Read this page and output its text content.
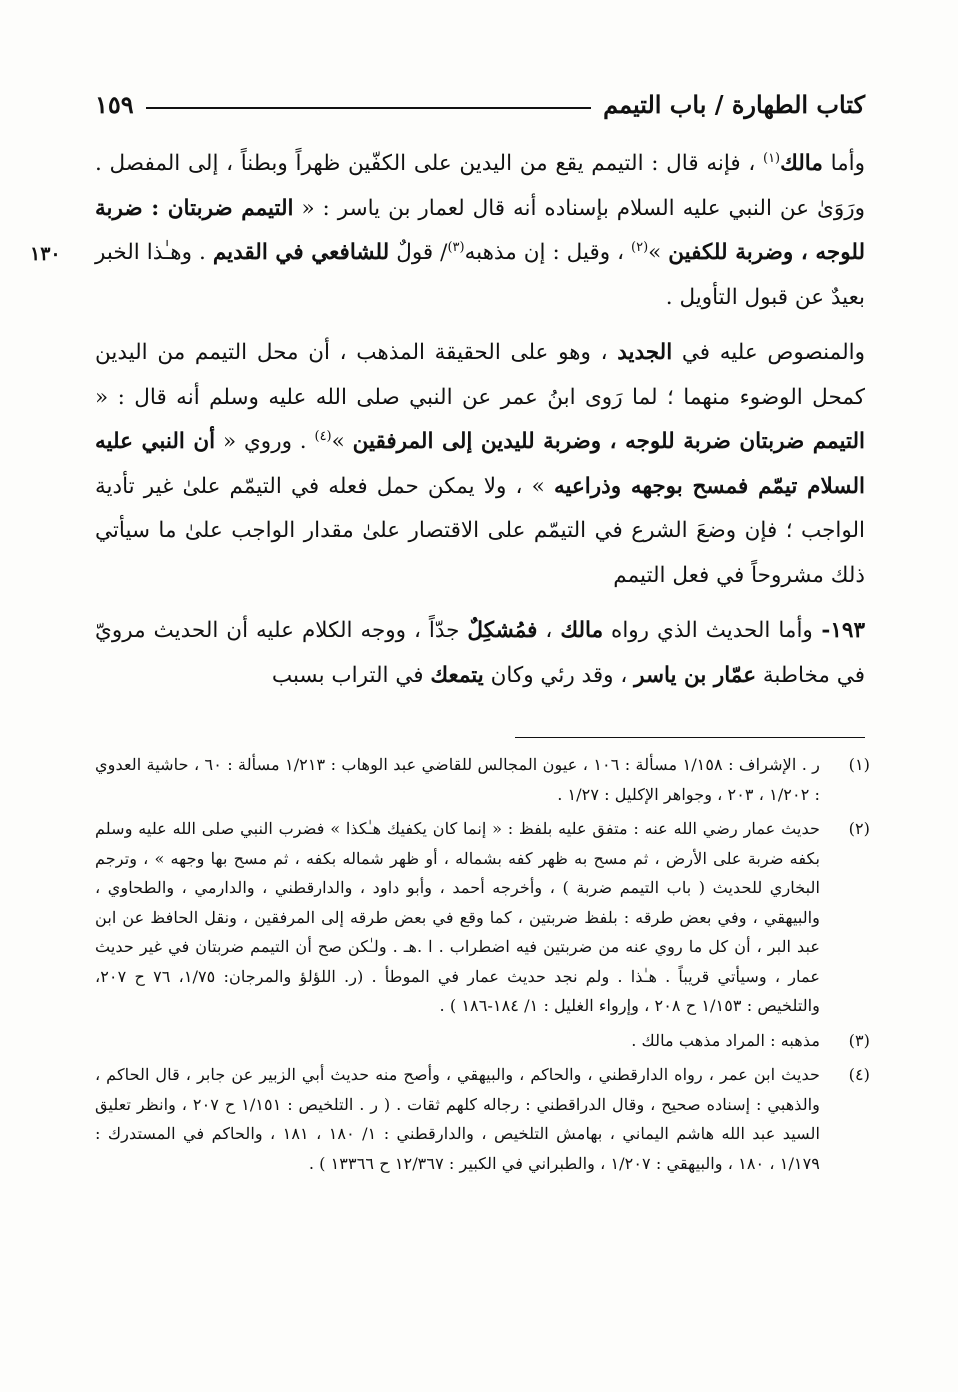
كتاب الطهارة / باب التيمم
١٥٩
١٣٠

وأما مالك$^{(١)}$ ، فإنه قال : التيمم يقع من اليدين على الكفّين ظهراً وبطناً ، إلى المفصل . ورَوَىٰ عن النبي عليه السلام بإسناده أنه قال لعمار بن ياسر : « التيمم ضربتان : ضربة للوجه ، وضربة للكفين »$^{(٢)}$ ، وقيل : إن مذهبه$^{(٣)}$/ قولٌ للشافعي في القديم . وهـٰذا الخبر بعيدٌ عن قبول التأويل .

والمنصوص عليه في الجديد ، وهو على الحقيقة المذهب ، أن محل التيمم من اليدين كمحل الوضوء منهما ؛ لما رَوى ابنُ عمر عن النبي صلى الله عليه وسلم أنه قال : « التيمم ضربتان ضربة للوجه ، وضربة لليدين إلى المرفقين »$^{(٤)}$ . وروي « أن النبي عليه السلام تيمّم فمسح بوجهه وذراعيه » ، ولا يمكن حمل فعله في التيمّم علىٰ غير تأدية الواجب ؛ فإن وضعَ الشرع في التيمّم على الاقتصار علىٰ مقدار الواجب علىٰ ما سيأتي ذلك مشروحاً في فعل التيمم

١٩٣- وأما الحديث الذي رواه مالك ، فمُشكِلٌ جدّاً ، ووجه الكلام عليه أن الحديث مرويّ في مخاطبة عمّار بن ياسر ، وقد رئي وكان يتمعك في التراب بسبب

(١)
ر . الإشراف : ١/١٥٨ مسألة : ١٠٦ ، عيون المجالس للقاضي عبد الوهاب : ١/٢١٣ مسألة : ٦٠ ، حاشية العدوي : ١/٢٠٢ ، ٢٠٣ ، وجواهر الإكليل : ١/٢٧ .
(٢)
حديث عمار رضي الله عنه : متفق عليه بلفظ : « إنما كان يكفيك هـٰكذا » فضرب النبي صلى الله عليه وسلم بكفه ضربة على الأرض ، ثم مسح به ظهر كفه بشماله ، أو ظهر شماله بكفه ، ثم مسح بها وجهه » ، وترجم البخاري للحديث ( باب التيمم ضربة ) ، وأخرجه أحمد ، وأبو داود ، والدارقطني ، والدارمي ، والطحاوي ، والبيهقي ، وفي بعض طرقه : بلفظ ضربتين ، كما وقع في بعض طرقه إلى المرفقين ، ونقل الحافظ عن ابن عبد البر ، أن كل ما روي عنه من ضربتين فيه اضطراب . ا .هـ . ولـٰكن صح أن التيمم ضربتان في غير حديث عمار ، وسيأتي قريباً . هـٰذا . ولم نجد حديث عمار في الموطأ . (ر. اللؤلؤ والمرجان: ١/٧٥، ٧٦ ح ٢٠٧، والتلخيص : ١/١٥٣ ح ٢٠٨ ، وإرواء الغليل : ١/ ١٨٤-١٨٦ ) .
(٣)
مذهبه : المراد مذهب مالك .
(٤)
حديث ابن عمر ، رواه الدارقطني ، والحاكم ، والبيهقي ، وأصح منه حديث أبي الزبير عن جابر ، قال الحاكم ، والذهبي : إسناده صحيح ، وقال الدراقطني : رجاله كلهم ثقات . ( ر . التلخيص : ١/١٥١ ح ٢٠٧ ، وانظر تعليق السيد عبد الله هاشم اليماني ، بهامش التلخيص ، والدارقطني : ١/ ١٨٠ ، ١٨١ ، والحاكم في المستدرك : ١/١٧٩ ، ١٨٠ ، والبيهقي : ١/٢٠٧ ، والطبراني في الكبير : ١٢/٣٦٧ ح ١٣٣٦٦ ) .
